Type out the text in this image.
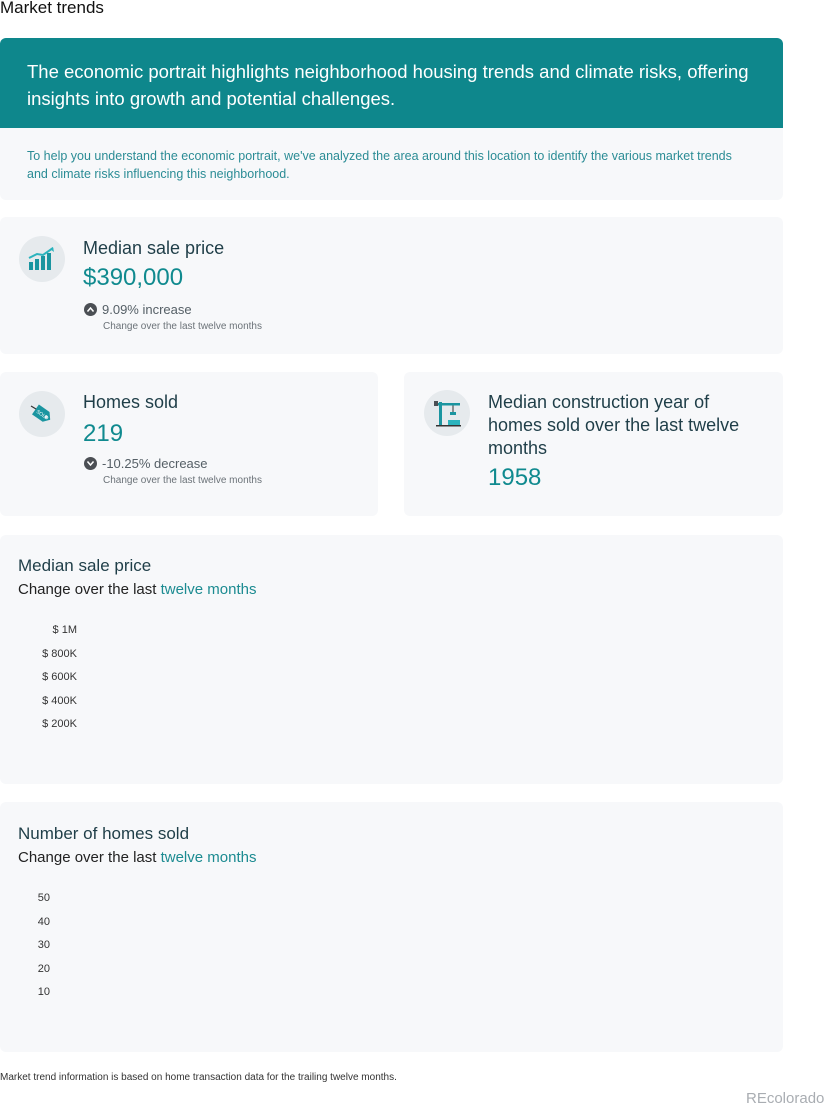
Market trends
The economic portrait highlights neighborhood housing trends and climate risks, offering insights into growth and potential challenges.
To help you understand the economic portrait, we've analyzed the area around this location to identify the various market trends and climate risks influencing this neighborhood.
Median sale price
$390,000
9.09% increase
Change over the last twelve months
SOLD
Homes sold
219
-10.25% decrease
Change over the last twelve months
Median construction year of homes sold over the last twelve months
1958
Median sale price
Change over the last twelve months
$ 1M
$ 800K
$ 600K
$ 400K
$ 200K
Number of homes sold
Change over the last twelve months
50
40
30
20
10
Market trend information is based on home transaction data for the trailing twelve months.
REcolorado
